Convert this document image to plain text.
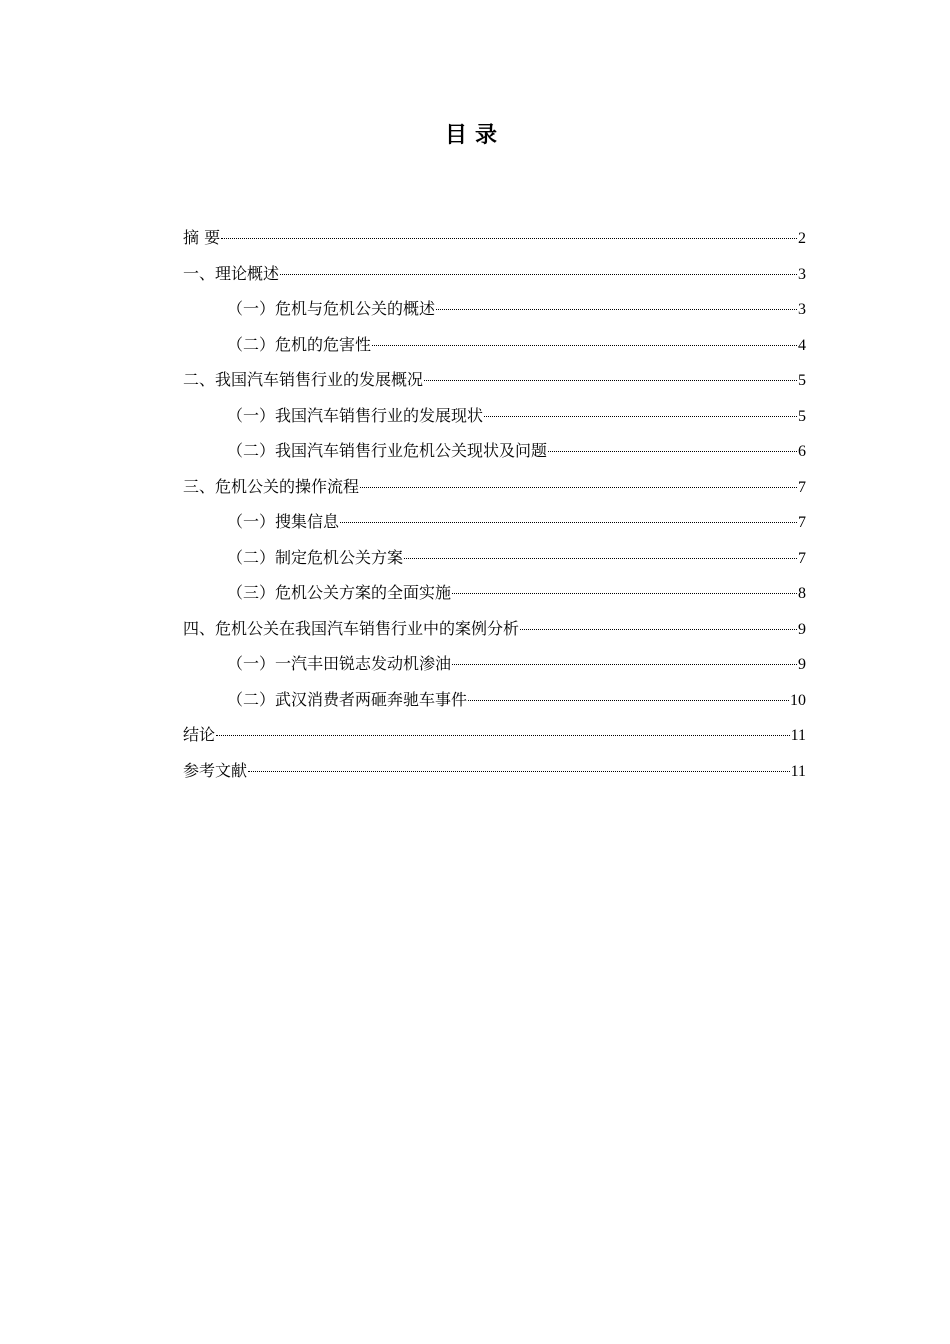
目录
摘 要	2
一、理论概述	3
（一）危机与危机公关的概述	3
（二）危机的危害性	4
二、我国汽车销售行业的发展概况	5
（一）我国汽车销售行业的发展现状	5
（二）我国汽车销售行业危机公关现状及问题	6
三、危机公关的操作流程	7
（一）搜集信息	7
（二）制定危机公关方案	7
（三）危机公关方案的全面实施	8
四、危机公关在我国汽车销售行业中的案例分析	9
（一）一汽丰田锐志发动机渗油	9
（二）武汉消费者两砸奔驰车事件	10
结论	11
参考文献	11
